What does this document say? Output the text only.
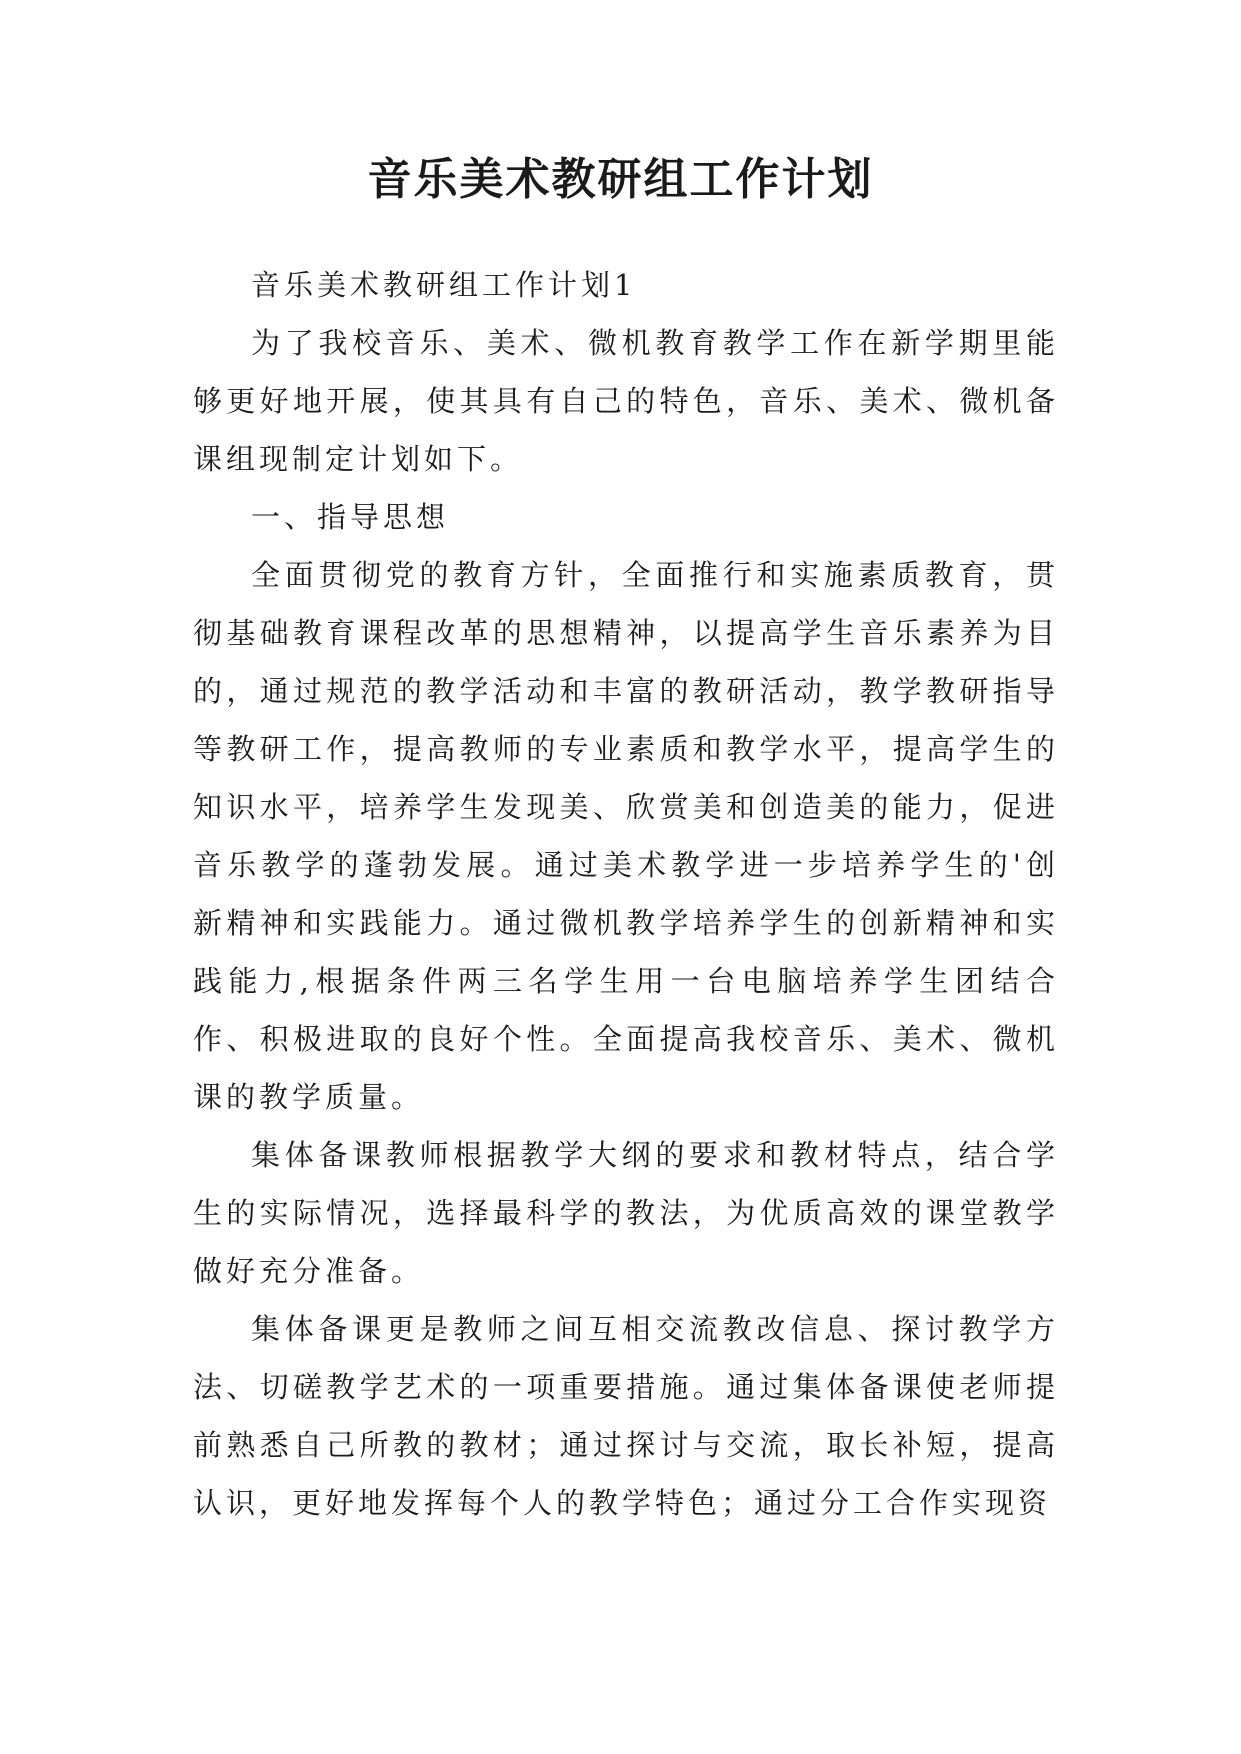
音乐美术教研组工作计划

音乐美术教研组工作计划1

为了我校音乐、美术、微机教育教学工作在新学期里能够更好地开展，使其具有自己的特色，音乐、美术、微机备课组现制定计划如下。

一、指导思想

全面贯彻党的教育方针，全面推行和实施素质教育，贯彻基础教育课程改革的思想精神，以提高学生音乐素养为目的，通过规范的教学活动和丰富的教研活动，教学教研指导等教研工作，提高教师的专业素质和教学水平，提高学生的知识水平，培养学生发现美、欣赏美和创造美的能力，促进音乐教学的蓬勃发展。通过美术教学进一步培养学生的'创新精神和实践能力。通过微机教学培养学生的创新精神和实践能力,根据条件两三名学生用一台电脑培养学生团结合作、积极进取的良好个性。全面提高我校音乐、美术、微机课的教学质量。

集体备课教师根据教学大纲的要求和教材特点，结合学生的实际情况，选择最科学的教法，为优质高效的课堂教学做好充分准备。

集体备课更是教师之间互相交流教改信息、探讨教学方法、切磋教学艺术的一项重要措施。通过集体备课使老师提前熟悉自己所教的教材；通过探讨与交流，取长补短，提高认识，更好地发挥每个人的教学特色；通过分工合作实现资
